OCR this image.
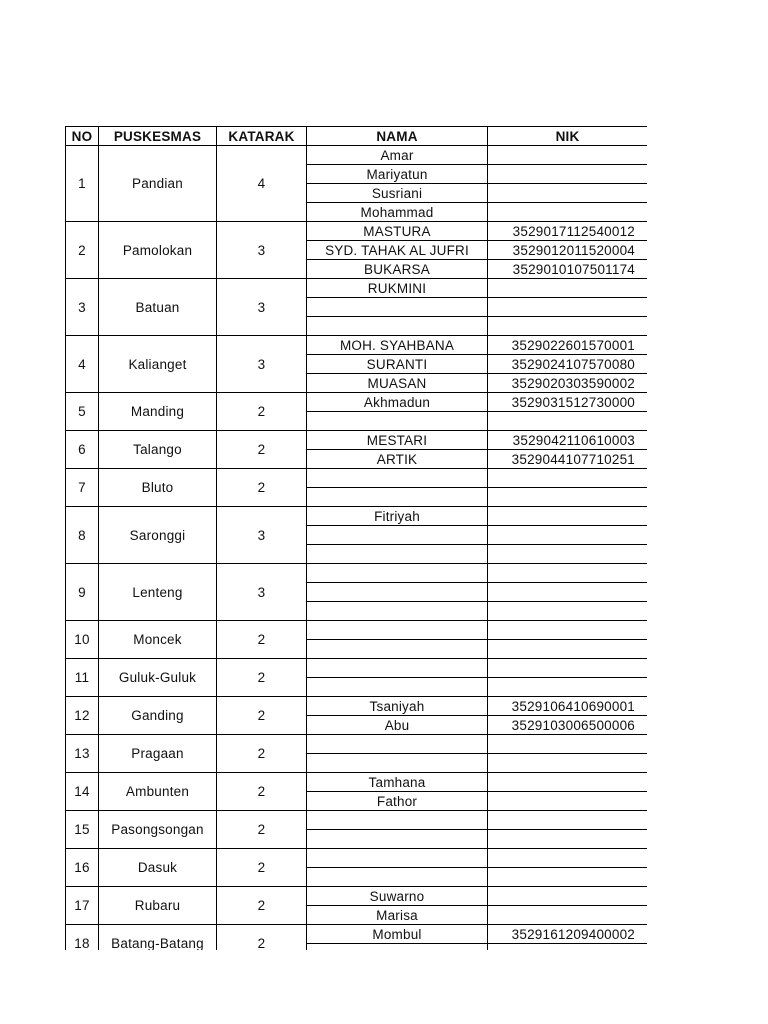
NO	PUSKESMAS	KATARAK	NAMA	NIK
1	Pandian	4	Amar	
			Mariyatun	
			Susriani	
			Mohammad	
2	Pamolokan	3	MASTURA	3529017112540012
			SYD. TAHAK AL JUFRI	3529012011520004
			BUKARSA	3529010107501174
3	Batuan	3	RUKMINI	

4	Kalianget	3	MOH. SYAHBANA	3529022601570001
			SURANTI	3529024107570080
			MUASAN	3529020303590002
5	Manding	2	Akhmadun	3529031512730000

6	Talango	2	MESTARI	3529042110610003
			ARTIK	3529044107710251
7	Bluto	2		

8	Saronggi	3	Fitriyah	

9	Lenteng	3		

10	Moncek	2		

11	Guluk-Guluk	2		

12	Ganding	2	Tsaniyah	3529106410690001
			Abu	3529103006500006
13	Pragaan	2		

14	Ambunten	2	Tamhana	
			Fathor	
15	Pasongsongan	2		

16	Dasuk	2		

17	Rubaru	2	Suwarno	
			Marisa	
18	Batang-Batang	2	Mombul	3529161209400002
